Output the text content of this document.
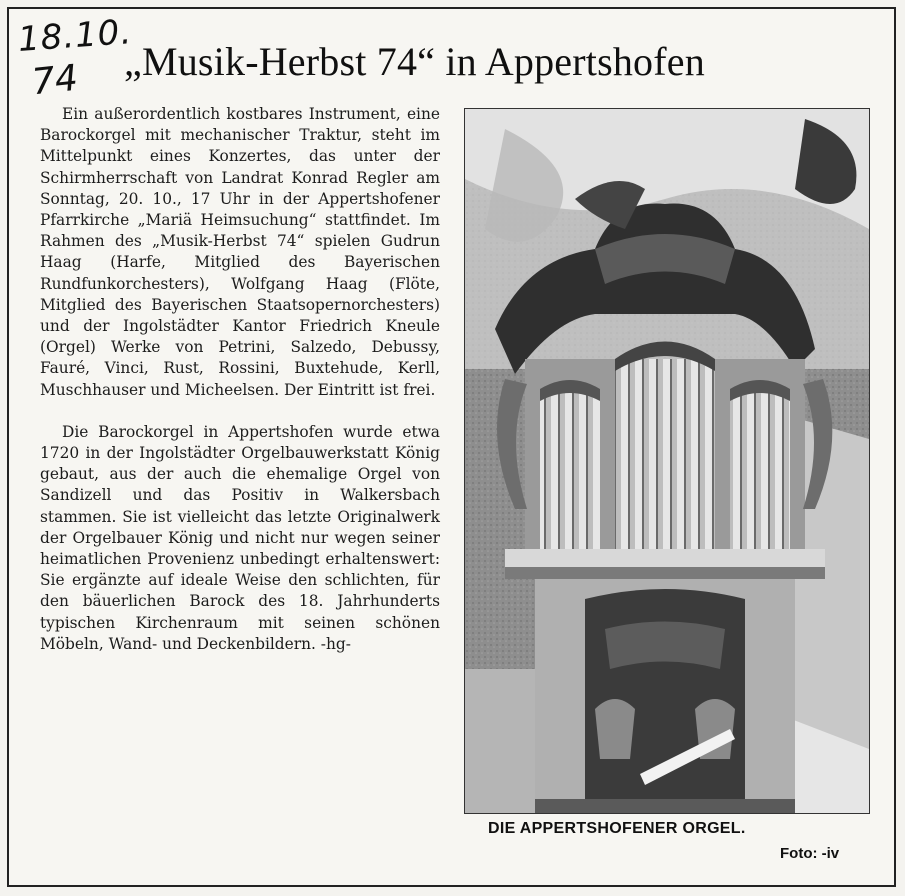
18.10.
74 „Musik-Herbst 74“ in Appertshofen

Ein außerordentlich kostbares Instrument, eine Barockorgel mit mechanischer Traktur, steht im Mittelpunkt eines Konzertes, das unter der Schirmherrschaft von Landrat Konrad Regler am Sonntag, 20. 10., 17 Uhr in der Appertshofener Pfarrkirche „Mariä Heimsuchung“ stattfindet. Im Rahmen des „Musik-Herbst 74“ spielen Gudrun Haag (Harfe, Mitglied des Bayerischen Rundfunkorchesters), Wolfgang Haag (Flöte, Mitglied des Bayerischen Staatsopernorchesters) und der Ingolstädter Kantor Friedrich Kneule (Orgel) Werke von Petrini, Salzedo, Debussy, Fauré, Vinci, Rust, Rossini, Buxtehude, Kerll, Muschhauser und Micheelsen. Der Eintritt ist frei.

Die Barockorgel in Appertshofen wurde etwa 1720 in der Ingolstädter Orgelbauwerkstatt König gebaut, aus der auch die ehemalige Orgel von Sandizell und das Positiv in Walkersbach stammen. Sie ist vielleicht das letzte Originalwerk der Orgelbauer König und nicht nur wegen seiner heimatlichen Provenienz unbedingt erhaltenswert: Sie ergänzte auf ideale Weise den schlichten, für den bäuerlichen Barock des 18. Jahrhunderts typischen Kirchenraum mit seinen schönen Möbeln, Wand- und Deckenbildern. -hg-

DIE APPERTSHOFENER ORGEL.
Foto: -iv
